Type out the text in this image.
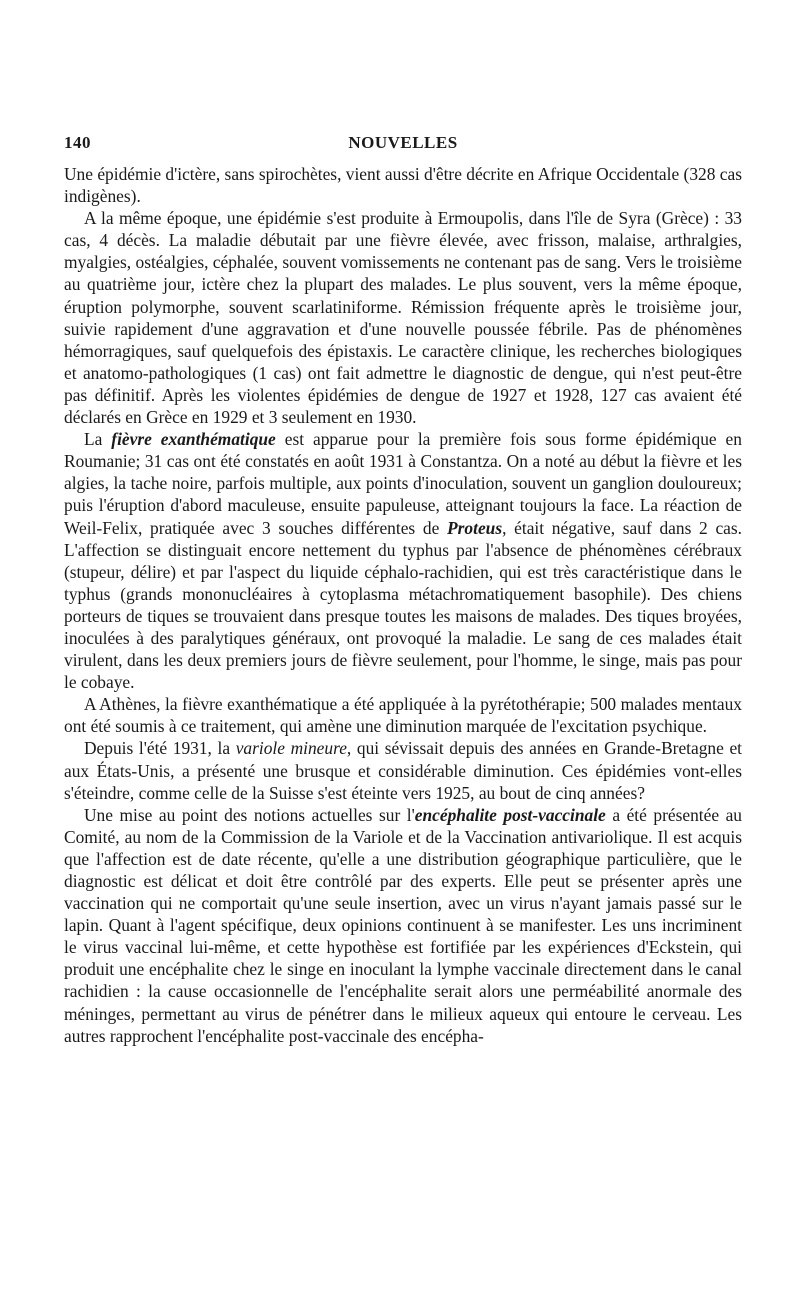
140	NOUVELLES

Une épidémie d'ictère, sans spirochètes, vient aussi d'être décrite en Afrique Occidentale (328 cas indigènes).

A la même époque, une épidémie s'est produite à Ermoupolis, dans l'île de Syra (Grèce) : 33 cas, 4 décès. La maladie débutait par une fièvre élevée, avec frisson, malaise, arthralgies, myalgies, ostéalgies, céphalée, souvent vomissements ne contenant pas de sang. Vers le troisième au quatrième jour, ictère chez la plupart des malades. Le plus souvent, vers la même époque, éruption polymorphe, souvent scarlatiniforme. Rémission fréquente après le troisième jour, suivie rapidement d'une aggravation et d'une nouvelle poussée fébrile. Pas de phénomènes hémorragiques, sauf quelquefois des épistaxis. Le caractère clinique, les recherches biologiques et anatomo-pathologiques (1 cas) ont fait admettre le diagnostic de dengue, qui n'est peut-être pas définitif. Après les violentes épidémies de dengue de 1927 et 1928, 127 cas avaient été déclarés en Grèce en 1929 et 3 seulement en 1930.

La fièvre exanthématique est apparue pour la première fois sous forme épidémique en Roumanie; 31 cas ont été constatés en août 1931 à Constantza. On a noté au début la fièvre et les algies, la tache noire, parfois multiple, aux points d'inoculation, souvent un ganglion douloureux; puis l'éruption d'abord maculeuse, ensuite papuleuse, atteignant toujours la face. La réaction de Weil-Felix, pratiquée avec 3 souches différentes de Proteus, était négative, sauf dans 2 cas. L'affection se distinguait encore nettement du typhus par l'absence de phénomènes cérébraux (stupeur, délire) et par l'aspect du liquide céphalo-rachidien, qui est très caractéristique dans le typhus (grands mononucléaires à cytoplasma métachromatiquement basophile). Des chiens porteurs de tiques se trouvaient dans presque toutes les maisons de malades. Des tiques broyées, inoculées à des paralytiques généraux, ont provoqué la maladie. Le sang de ces malades était virulent, dans les deux premiers jours de fièvre seulement, pour l'homme, le singe, mais pas pour le cobaye.

A Athènes, la fièvre exanthématique a été appliquée à la pyrétothérapie; 500 malades mentaux ont été soumis à ce traitement, qui amène une diminution marquée de l'excitation psychique.

Depuis l'été 1931, la variole mineure, qui sévissait depuis des années en Grande-Bretagne et aux États-Unis, a présenté une brusque et considérable diminution. Ces épidémies vont-elles s'éteindre, comme celle de la Suisse s'est éteinte vers 1925, au bout de cinq années?

Une mise au point des notions actuelles sur l'encéphalite post-vaccinale a été présentée au Comité, au nom de la Commission de la Variole et de la Vaccination antivariolique. Il est acquis que l'affection est de date récente, qu'elle a une distribution géographique particulière, que le diagnostic est délicat et doit être contrôlé par des experts. Elle peut se présenter après une vaccination qui ne comportait qu'une seule insertion, avec un virus n'ayant jamais passé sur le lapin. Quant à l'agent spécifique, deux opinions continuent à se manifester. Les uns incriminent le virus vaccinal lui-même, et cette hypothèse est fortifiée par les expériences d'Eckstein, qui produit une encéphalite chez le singe en inoculant la lymphe vaccinale directement dans le canal rachidien : la cause occasionnelle de l'encéphalite serait alors une perméabilité anormale des méninges, permettant au virus de pénétrer dans le milieux aqueux qui entoure le cerveau. Les autres rapprochent l'encéphalite post-vaccinale des encépha-
